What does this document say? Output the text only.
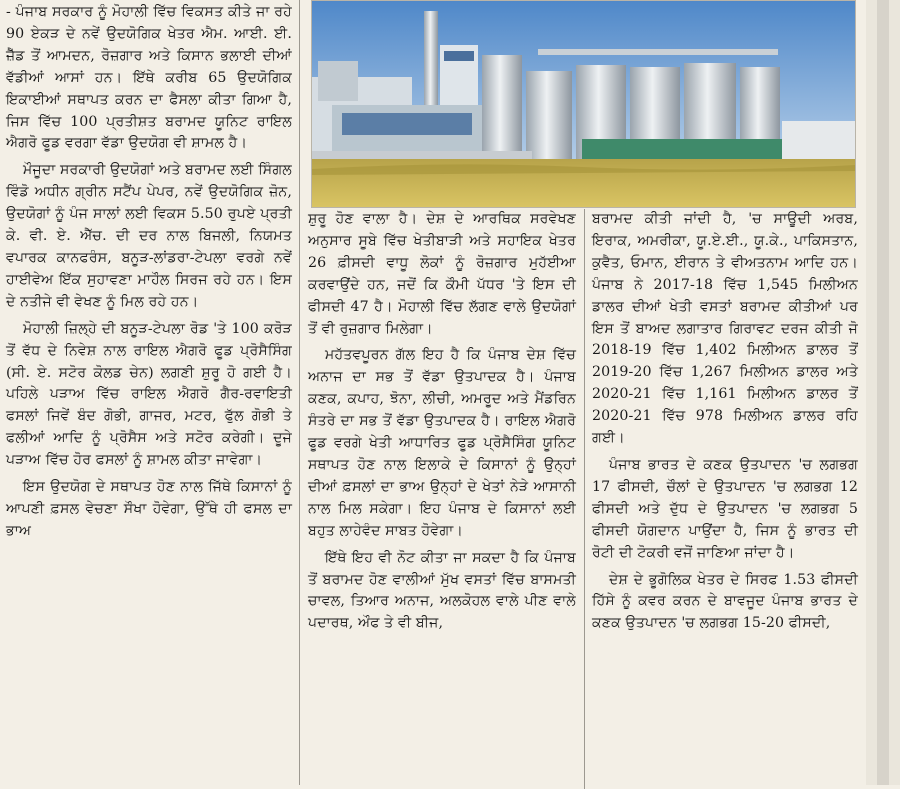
- ਪੰਜਾਬ ਸਰਕਾਰ ਨੂੰ ਮੋਹਾਲੀ ਵਿੱਚ ਵਿਕਸਤ ਕੀਤੇ ਜਾ ਰਹੇ 90 ਏਕੜ ਦੇ ਨਵੇਂ ਉਦਯੋਗਿਕ ਖੇਤਰ ਐਮ. ਆਈ. ਈ. ਜ਼ੈੱਡ ਤੋਂ ਆਮਦਨ, ਰੋਜ਼ਗਾਰ ਅਤੇ ਕਿਸਾਨ ਭਲਾਈ ਦੀਆਂ ਵੱਡੀਆਂ ਆਸਾਂ ਹਨ। ਇੱਥੇ ਕਰੀਬ 65 ਉਦਯੋਗਿਕ ਇਕਾਈਆਂ ਸਥਾਪਤ ਕਰਨ ਦਾ ਫੈਸਲਾ ਕੀਤਾ ਗਿਆ ਹੈ, ਜਿਸ ਵਿੱਚ 100 ਪ੍ਰਤੀਸ਼ਤ ਬਰਾਮਦ ਯੂਨਿਟ ਰਾਇਲ ਐਗਰੋ ਫੂਡ ਵਰਗਾ ਵੱਡਾ ਉਦਯੋਗ ਵੀ ਸ਼ਾਮਲ ਹੈ।

ਮੌਜੂਦਾ ਸਰਕਾਰੀ ਉਦਯੋਗਾਂ ਅਤੇ ਬਰਾਮਦ ਲਈ ਸਿੰਗਲ ਵਿੰਡੋ ਅਧੀਨ ਗ੍ਰੀਨ ਸਟੈਂਪ ਪੇਪਰ, ਨਵੇਂ ਉਦਯੋਗਿਕ ਜ਼ੋਨ, ਉਦਯੋਗਾਂ ਨੂੰ ਪੰਜ ਸਾਲਾਂ ਲਈ ਵਿਕਸ 5.50 ਰੁਪਏ ਪ੍ਰਤੀ ਕੇ. ਵੀ. ਏ. ਐੱਚ. ਦੀ ਦਰ ਨਾਲ ਬਿਜਲੀ, ਨਿਯਮਤ ਵਪਾਰਕ ਕਾਨਫਰੰਸ, ਬਨੂੜ-ਲਾਂਡਰਾ-ਟੇਪਲਾ ਵਰਗੇ ਨਵੇਂ ਹਾਈਵੇਅ ਇੱਕ ਸੁਹਾਵਣਾ ਮਾਹੌਲ ਸਿਰਜ ਰਹੇ ਹਨ। ਇਸ ਦੇ ਨਤੀਜੇ ਵੀ ਵੇਖਣ ਨੂੰ ਮਿਲ ਰਹੇ ਹਨ।

ਮੋਹਾਲੀ ਜ਼ਿਲ੍ਹੇ ਦੀ ਬਨੂੜ-ਟੇਪਲਾ ਰੋਡ 'ਤੇ 100 ਕਰੋੜ ਤੋਂ ਵੱਧ ਦੇ ਨਿਵੇਸ਼ ਨਾਲ ਰਾਇਲ ਐਗਰੋ ਫੂਡ ਪ੍ਰੋਸੈਸਿੰਗ (ਸੀ. ਏ. ਸਟੋਰ ਕੋਲਡ ਚੇਨ) ਲਗਣੀ ਸ਼ੁਰੂ ਹੋ ਗਈ ਹੈ। ਪਹਿਲੇ ਪੜਾਅ ਵਿੱਚ ਰਾਇਲ ਐਗਰੋ ਗੈਰ-ਰਵਾਇਤੀ ਫਸਲਾਂ ਜਿਵੇਂ ਬੰਦ ਗੋਭੀ, ਗਾਜਰ, ਮਟਰ, ਫੁੱਲ ਗੋਭੀ ਤੇ ਫਲੀਆਂ ਆਦਿ ਨੂੰ ਪ੍ਰੋਸੈਸ ਅਤੇ ਸਟੋਰ ਕਰੇਗੀ। ਦੂਜੇ ਪੜਾਅ ਵਿੱਚ ਹੋਰ ਫਸਲਾਂ ਨੂੰ ਸ਼ਾਮਲ ਕੀਤਾ ਜਾਵੇਗਾ।

ਇਸ ਉਦਯੋਗ ਦੇ ਸਥਾਪਤ ਹੋਣ ਨਾਲ ਜਿੱਥੇ ਕਿਸਾਨਾਂ ਨੂੰ ਆਪਣੀ ਫ਼ਸਲ ਵੇਚਣਾ ਸੌਖਾ ਹੋਵੇਗਾ, ਉੱਥੇ ਹੀ ਫਸਲ ਦਾ ਭਾਅ

ਸ਼ੁਰੂ ਹੋਣ ਵਾਲਾ ਹੈ। ਦੇਸ਼ ਦੇ ਆਰਥਿਕ ਸਰਵੇਖਣ ਅਨੁਸਾਰ ਸੂਬੇ ਵਿੱਚ ਖੇਤੀਬਾੜੀ ਅਤੇ ਸਹਾਇਕ ਖੇਤਰ 26 ਫ਼ੀਸਦੀ ਵਾਧੂ ਲੋਕਾਂ ਨੂੰ ਰੋਜ਼ਗਾਰ ਮੁਹੱਈਆ ਕਰਵਾਉਂਦੇ ਹਨ, ਜਦੋਂ ਕਿ ਕੌਮੀ ਪੱਧਰ 'ਤੇ ਇਸ ਦੀ ਫੀਸਦੀ 47 ਹੈ। ਮੋਹਾਲੀ ਵਿੱਚ ਲੱਗਣ ਵਾਲੇ ਉਦਯੋਗਾਂ ਤੋਂ ਵੀ ਰੁਜ਼ਗਾਰ ਮਿਲੇਗਾ।

ਮਹੱਤਵਪੂਰਨ ਗੱਲ ਇਹ ਹੈ ਕਿ ਪੰਜਾਬ ਦੇਸ਼ ਵਿੱਚ ਅਨਾਜ ਦਾ ਸਭ ਤੋਂ ਵੱਡਾ ਉਤਪਾਦਕ ਹੈ। ਪੰਜਾਬ ਕਣਕ, ਕਪਾਹ, ਝੋਨਾ, ਲੀਚੀ, ਅਮਰੂਦ ਅਤੇ ਮੈਂਡਰਿਨ ਸੰਤਰੇ ਦਾ ਸਭ ਤੋਂ ਵੱਡਾ ਉਤਪਾਦਕ ਹੈ। ਰਾਇਲ ਐਗਰੋ ਫੂਡ ਵਰਗੇ ਖੇਤੀ ਆਧਾਰਿਤ ਫੂਡ ਪ੍ਰੋਸੈਸਿੰਗ ਯੂਨਿਟ ਸਥਾਪਤ ਹੋਣ ਨਾਲ ਇਲਾਕੇ ਦੇ ਕਿਸਾਨਾਂ ਨੂੰ ਉਨ੍ਹਾਂ ਦੀਆਂ ਫ਼ਸਲਾਂ ਦਾ ਭਾਅ ਉਨ੍ਹਾਂ ਦੇ ਖੇਤਾਂ ਨੇੜੇ ਆਸਾਨੀ ਨਾਲ ਮਿਲ ਸਕੇਗਾ। ਇਹ ਪੰਜਾਬ ਦੇ ਕਿਸਾਨਾਂ ਲਈ ਬਹੁਤ ਲਾਹੇਵੰਦ ਸਾਬਤ ਹੋਵੇਗਾ।

ਇੱਥੇ ਇਹ ਵੀ ਨੋਟ ਕੀਤਾ ਜਾ ਸਕਦਾ ਹੈ ਕਿ ਪੰਜਾਬ ਤੋਂ ਬਰਾਮਦ ਹੋਣ ਵਾਲੀਆਂ ਮੁੱਖ ਵਸਤਾਂ ਵਿੱਚ ਬਾਸਮਤੀ ਚਾਵਲ, ਤਿਆਰ ਅਨਾਜ, ਅਲਕੋਹਲ ਵਾਲੇ ਪੀਣ ਵਾਲੇ ਪਦਾਰਥ, ਔਫ ਤੇ ਵੀ ਬੀਜ,

ਬਰਾਮਦ ਕੀਤੀ ਜਾਂਦੀ ਹੈ, 'ਚ ਸਾਊਦੀ ਅਰਬ, ਇਰਾਕ, ਅਮਰੀਕਾ, ਯੂ.ਏ.ਈ., ਯੂ.ਕੇ., ਪਾਕਿਸਤਾਨ, ਕੁਵੈਤ, ਓਮਾਨ, ਈਰਾਨ ਤੇ ਵੀਅਤਨਾਮ ਆਦਿ ਹਨ। ਪੰਜਾਬ ਨੇ 2017-18 ਵਿੱਚ 1,545 ਮਿਲੀਅਨ ਡਾਲਰ ਦੀਆਂ ਖੇਤੀ ਵਸਤਾਂ ਬਰਾਮਦ ਕੀਤੀਆਂ ਪਰ ਇਸ ਤੋਂ ਬਾਅਦ ਲਗਾਤਾਰ ਗਿਰਾਵਟ ਦਰਜ ਕੀਤੀ ਜੋ 2018-19 ਵਿੱਚ 1,402 ਮਿਲੀਅਨ ਡਾਲਰ ਤੋਂ 2019-20 ਵਿੱਚ 1,267 ਮਿਲੀਅਨ ਡਾਲਰ ਅਤੇ 2020-21 ਵਿੱਚ 1,161 ਮਿਲੀਅਨ ਡਾਲਰ ਤੋਂ 2020-21 ਵਿੱਚ 978 ਮਿਲੀਅਨ ਡਾਲਰ ਰਹਿ ਗਈ।

ਪੰਜਾਬ ਭਾਰਤ ਦੇ ਕਣਕ ਉਤਪਾਦਨ 'ਚ ਲਗਭਗ 17 ਫੀਸਦੀ, ਚੌਲਾਂ ਦੇ ਉਤਪਾਦਨ 'ਚ ਲਗਭਗ 12 ਫੀਸਦੀ ਅਤੇ ਦੁੱਧ ਦੇ ਉਤਪਾਦਨ 'ਚ ਲਗਭਗ 5 ਫੀਸਦੀ ਯੋਗਦਾਨ ਪਾਉਂਦਾ ਹੈ, ਜਿਸ ਨੂੰ ਭਾਰਤ ਦੀ ਰੋਟੀ ਦੀ ਟੋਕਰੀ ਵਜੋਂ ਜਾਣਿਆ ਜਾਂਦਾ ਹੈ।

ਦੇਸ਼ ਦੇ ਭੂਗੋਲਿਕ ਖੇਤਰ ਦੇ ਸਿਰਫ 1.53 ਫੀਸਦੀ ਹਿੱਸੇ ਨੂੰ ਕਵਰ ਕਰਨ ਦੇ ਬਾਵਜੂਦ ਪੰਜਾਬ ਭਾਰਤ ਦੇ ਕਣਕ ਉਤਪਾਦਨ 'ਚ ਲਗਭਗ 15-20 ਫੀਸਦੀ,
